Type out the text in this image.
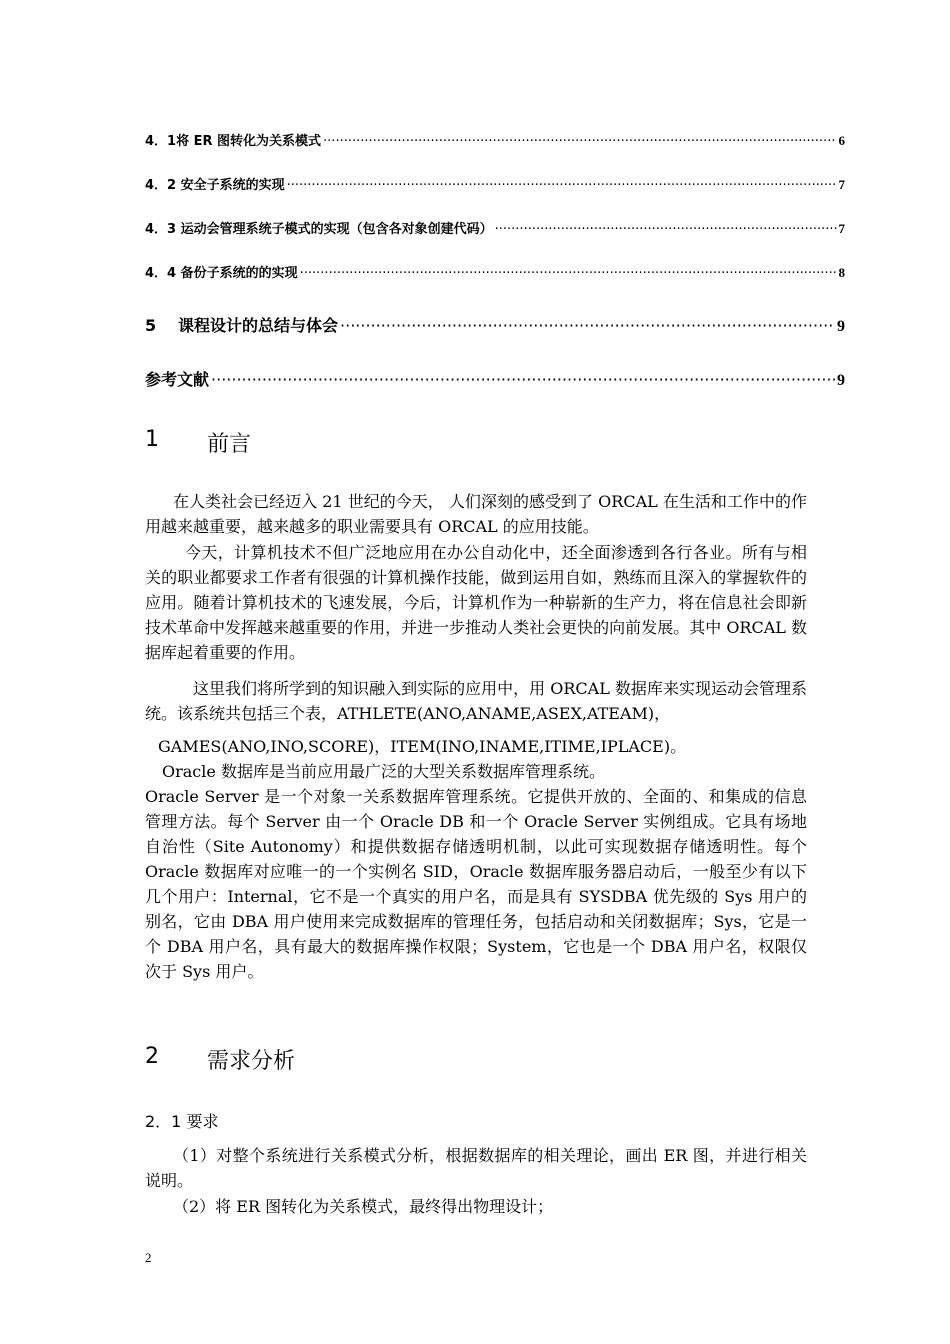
4．1 将 ER 图转化为关系模式 ·····	6
4．2 安全子系统的实现 ·····	7
4．3 运动会管理系统子模式的实现（包含各对象创建代码） ·····	7
4．4 备份子系统的的实现 ·····	8
5	课程设计的总结与体会 ·····	9
参考文献 ·····	9
1	前言
在人类社会已经迈入 21 世纪的今天， 人们深刻的感受到了 ORCAL 在生活和工作中的作用越来越重要，越来越多的职业需要具有 ORCAL 的应用技能。
今天，计算机技术不但广泛地应用在办公自动化中，还全面渗透到各行各业。所有与相关的职业都要求工作者有很强的计算机操作技能，做到运用自如，熟练而且深入的掌握软件的应用。随着计算机技术的飞速发展，今后，计算机作为一种崭新的生产力，将在信息社会即新技术革命中发挥越来越重要的作用，并进一步推动人类社会更快的向前发展。其中 ORCAL 数据库起着重要的作用。
这里我们将所学到的知识融入到实际的应用中，用 ORCAL 数据库来实现运动会管理系统。该系统共包括三个表，ATHLETE(ANO,ANAME,ASEX,ATEAM)，
GAMES(ANO,INO,SCORE)，ITEM(INO,INAME,ITIME,IPLACE)。
Oracle 数据库是当前应用最广泛的大型关系数据库管理系统。
Oracle Server 是一个对象一关系数据库管理系统。它提供开放的、全面的、和集成的信息管理方法。每个 Server 由一个 Oracle DB 和一个 Oracle Server 实例组成。它具有场地自治性（Site Autonomy）和提供数据存储透明机制，以此可实现数据存储透明性。每个 Oracle 数据库对应唯一的一个实例名 SID，Oracle 数据库服务器启动后，一般至少有以下几个用户：Internal，它不是一个真实的用户名，而是具有 SYSDBA 优先级的 Sys 用户的别名，它由 DBA 用户使用来完成数据库的管理任务，包括启动和关闭数据库；Sys，它是一个 DBA 用户名，具有最大的数据库操作权限；System，它也是一个 DBA 用户名，权限仅次于 Sys 用户。
2	需求分析
2．1 要求
（1）对整个系统进行关系模式分析，根据数据库的相关理论，画出 ER 图，并进行相关说明。
（2）将 ER 图转化为关系模式，最终得出物理设计；
2
